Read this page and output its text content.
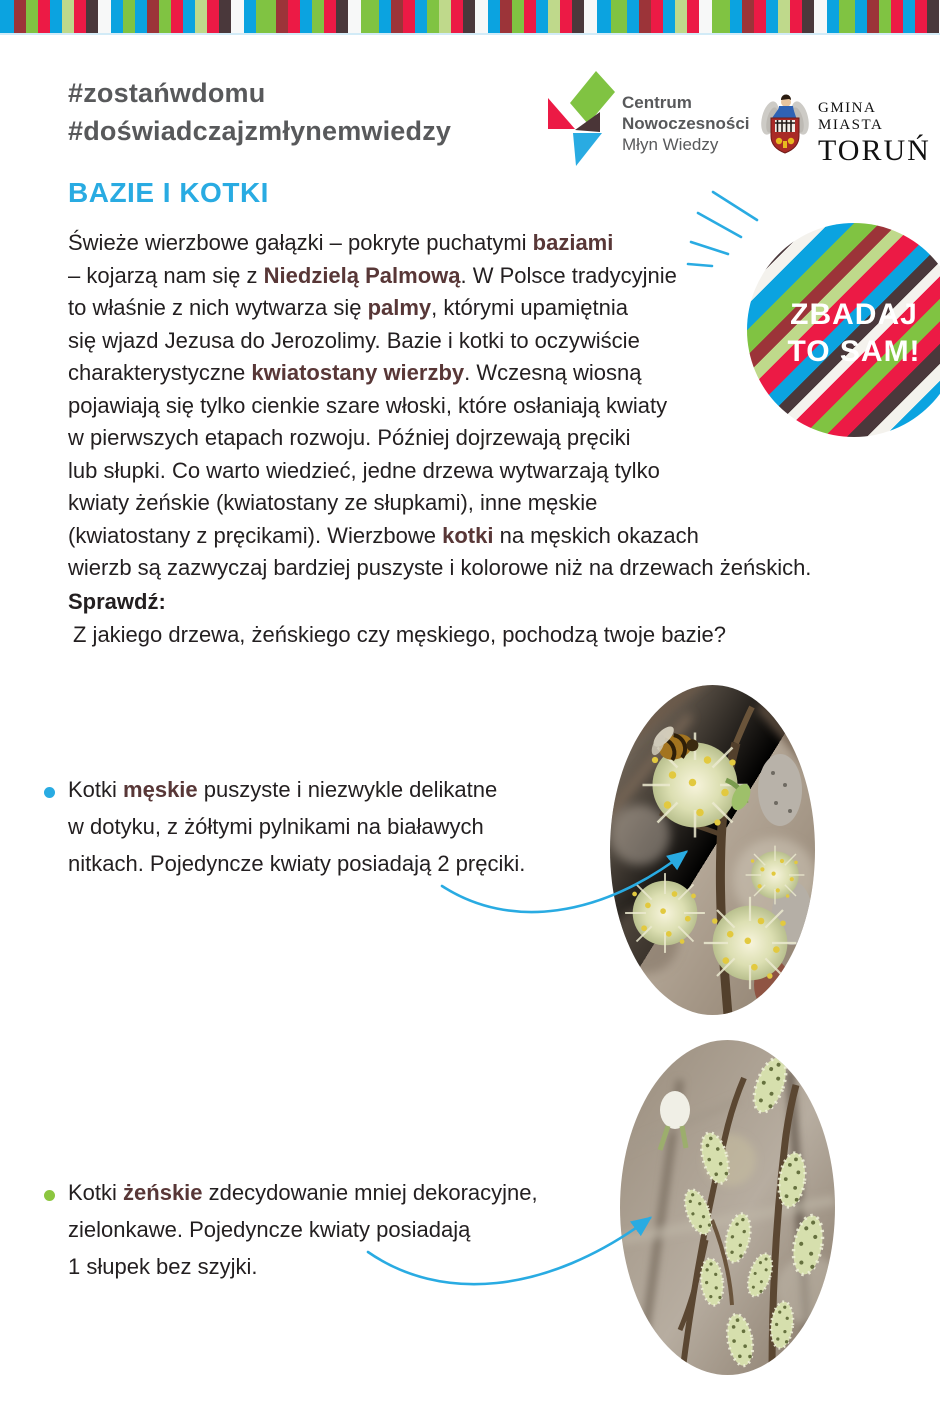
#zostańwdomu
#doświadczajzmłynemwiedzy
Centrum
Nowoczesności
Młyn Wiedzy
GMINA MIASTA
TORUŃ
BAZIE I KOTKI
Świeże wierzbowe gałązki – pokryte puchatymi baziami
– kojarzą nam się z Niedzielą Palmową. W Polsce tradycyjnie
to właśnie z nich wytwarza się palmy, którymi upamiętnia
się wjazd Jezusa do Jerozolimy. Bazie i kotki to oczywiście
charakterystyczne kwiatostany wierzby. Wczesną wiosną
pojawiają się tylko cienkie szare włoski, które osłaniają kwiaty
w pierwszych etapach rozwoju. Później dojrzewają pręciki
lub słupki. Co warto wiedzieć, jedne drzewa wytwarzają tylko
kwiaty żeńskie (kwiatostany ze słupkami), inne męskie
(kwiatostany z pręcikami). Wierzbowe kotki na męskich okazach
wierzb są zazwyczaj bardziej puszyste i kolorowe niż na drzewach żeńskich.
ZBADAJ
TO SAM!
Sprawdź:
Z jakiego drzewa, żeńskiego czy męskiego, pochodzą twoje bazie?
Kotki męskie puszyste i niezwykle delikatne
w dotyku, z żółtymi pylnikami na białawych
nitkach. Pojedyncze kwiaty posiadają 2 pręciki.
Kotki żeńskie zdecydowanie mniej dekoracyjne,
zielonkawe. Pojedyncze kwiaty posiadają
1 słupek bez szyjki.
